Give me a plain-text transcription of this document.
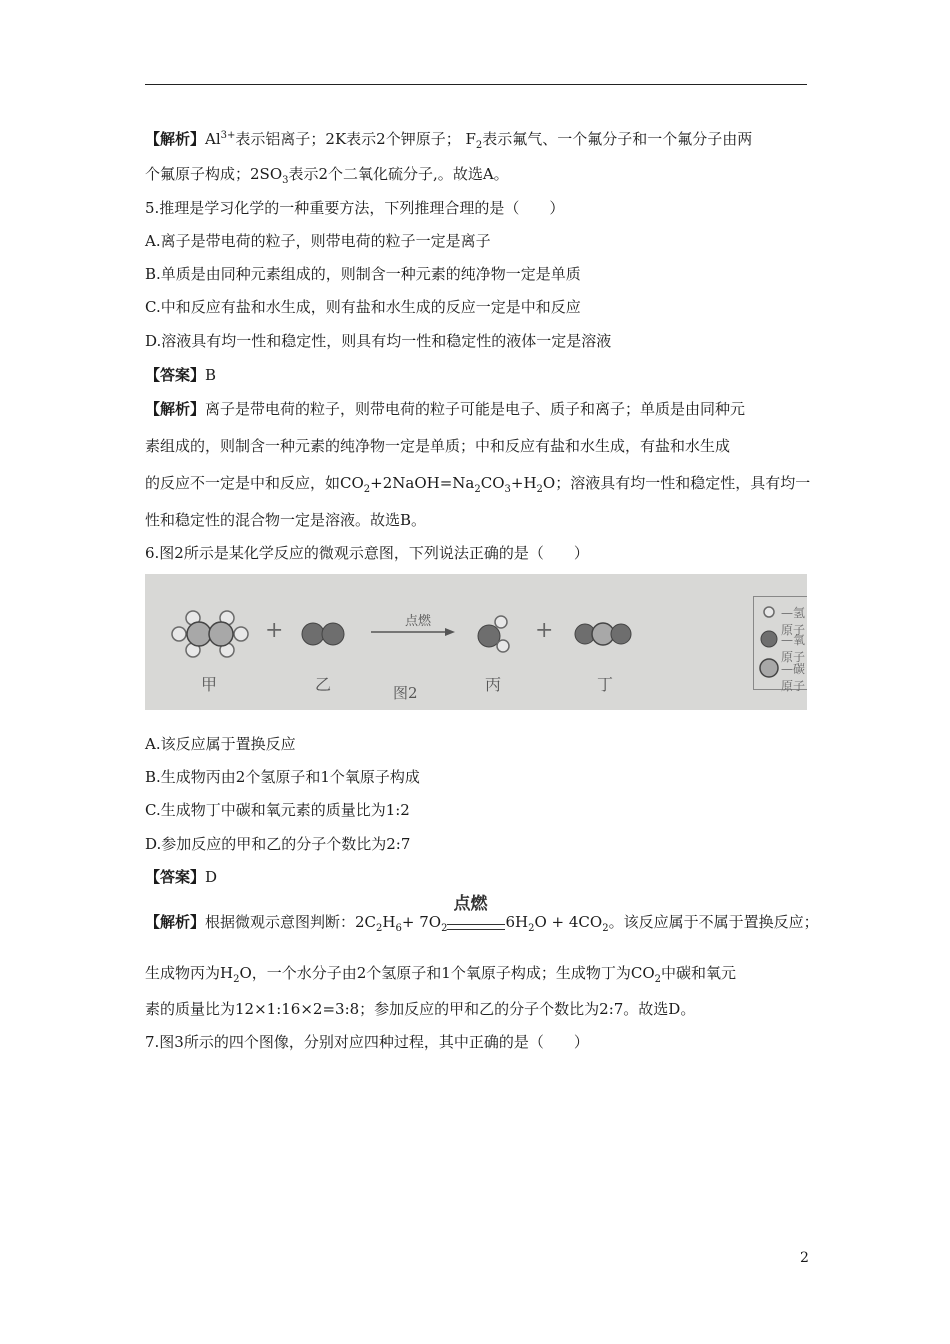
【解析】$Al^{3+}$表示铝离子；2K表示2个钾原子； $F_2$表示氟气、一个氟分子和一个氟分子由两
个氟原子构成；$2SO_3$表示2个二氧化硫分子,。故选A。
5.推理是学习化学的一种重要方法，下列推理合理的是（　　）
A.离子是带电荷的粒子，则带电荷的粒子一定是离子
B.单质是由同种元素组成的，则制含一种元素的纯净物一定是单质
C.中和反应有盐和水生成，则有盐和水生成的反应一定是中和反应
D.溶液具有均一性和稳定性，则具有均一性和稳定性的液体一定是溶液
【答案】B
【解析】离子是带电荷的粒子，则带电荷的粒子可能是电子、质子和离子；单质是由同种元
素组成的，则制含一种元素的纯净物一定是单质；中和反应有盐和水生成，有盐和水生成
的反应不一定是中和反应，如$CO_2+2NaOH=Na_2CO_3+H_2O$；溶液具有均一性和稳定性，具有均一
性和稳定性的混合物一定是溶液。故选B。
6.图2所示是某化学反应的微观示意图，下列说法正确的是（　　）
点燃
+	+
甲	乙	图2	丙	丁
—氢原子
—氧原子
—碳原子
A.该反应属于置换反应
B.生成物丙由2个氢原子和1个氧原子构成
C.生成物丁中碳和氧元素的质量比为1:2
D.参加反应的甲和乙的分子个数比为2:7
【答案】D
【解析】根据微观示意图判断：$2C_2H_6+ 7O_2$
点燃
$6H_2O + 4CO_2$。该反应属于不属于置换反应；
生成物丙为$H_2O$，一个水分子由2个氢原子和1个氧原子构成；生成物丁为$CO_2$中碳和氧元
素的质量比为12×1:16×2=3:8；参加反应的甲和乙的分子个数比为2:7。故选D。
7.图3所示的四个图像，分别对应四种过程，其中正确的是（　　）
2
